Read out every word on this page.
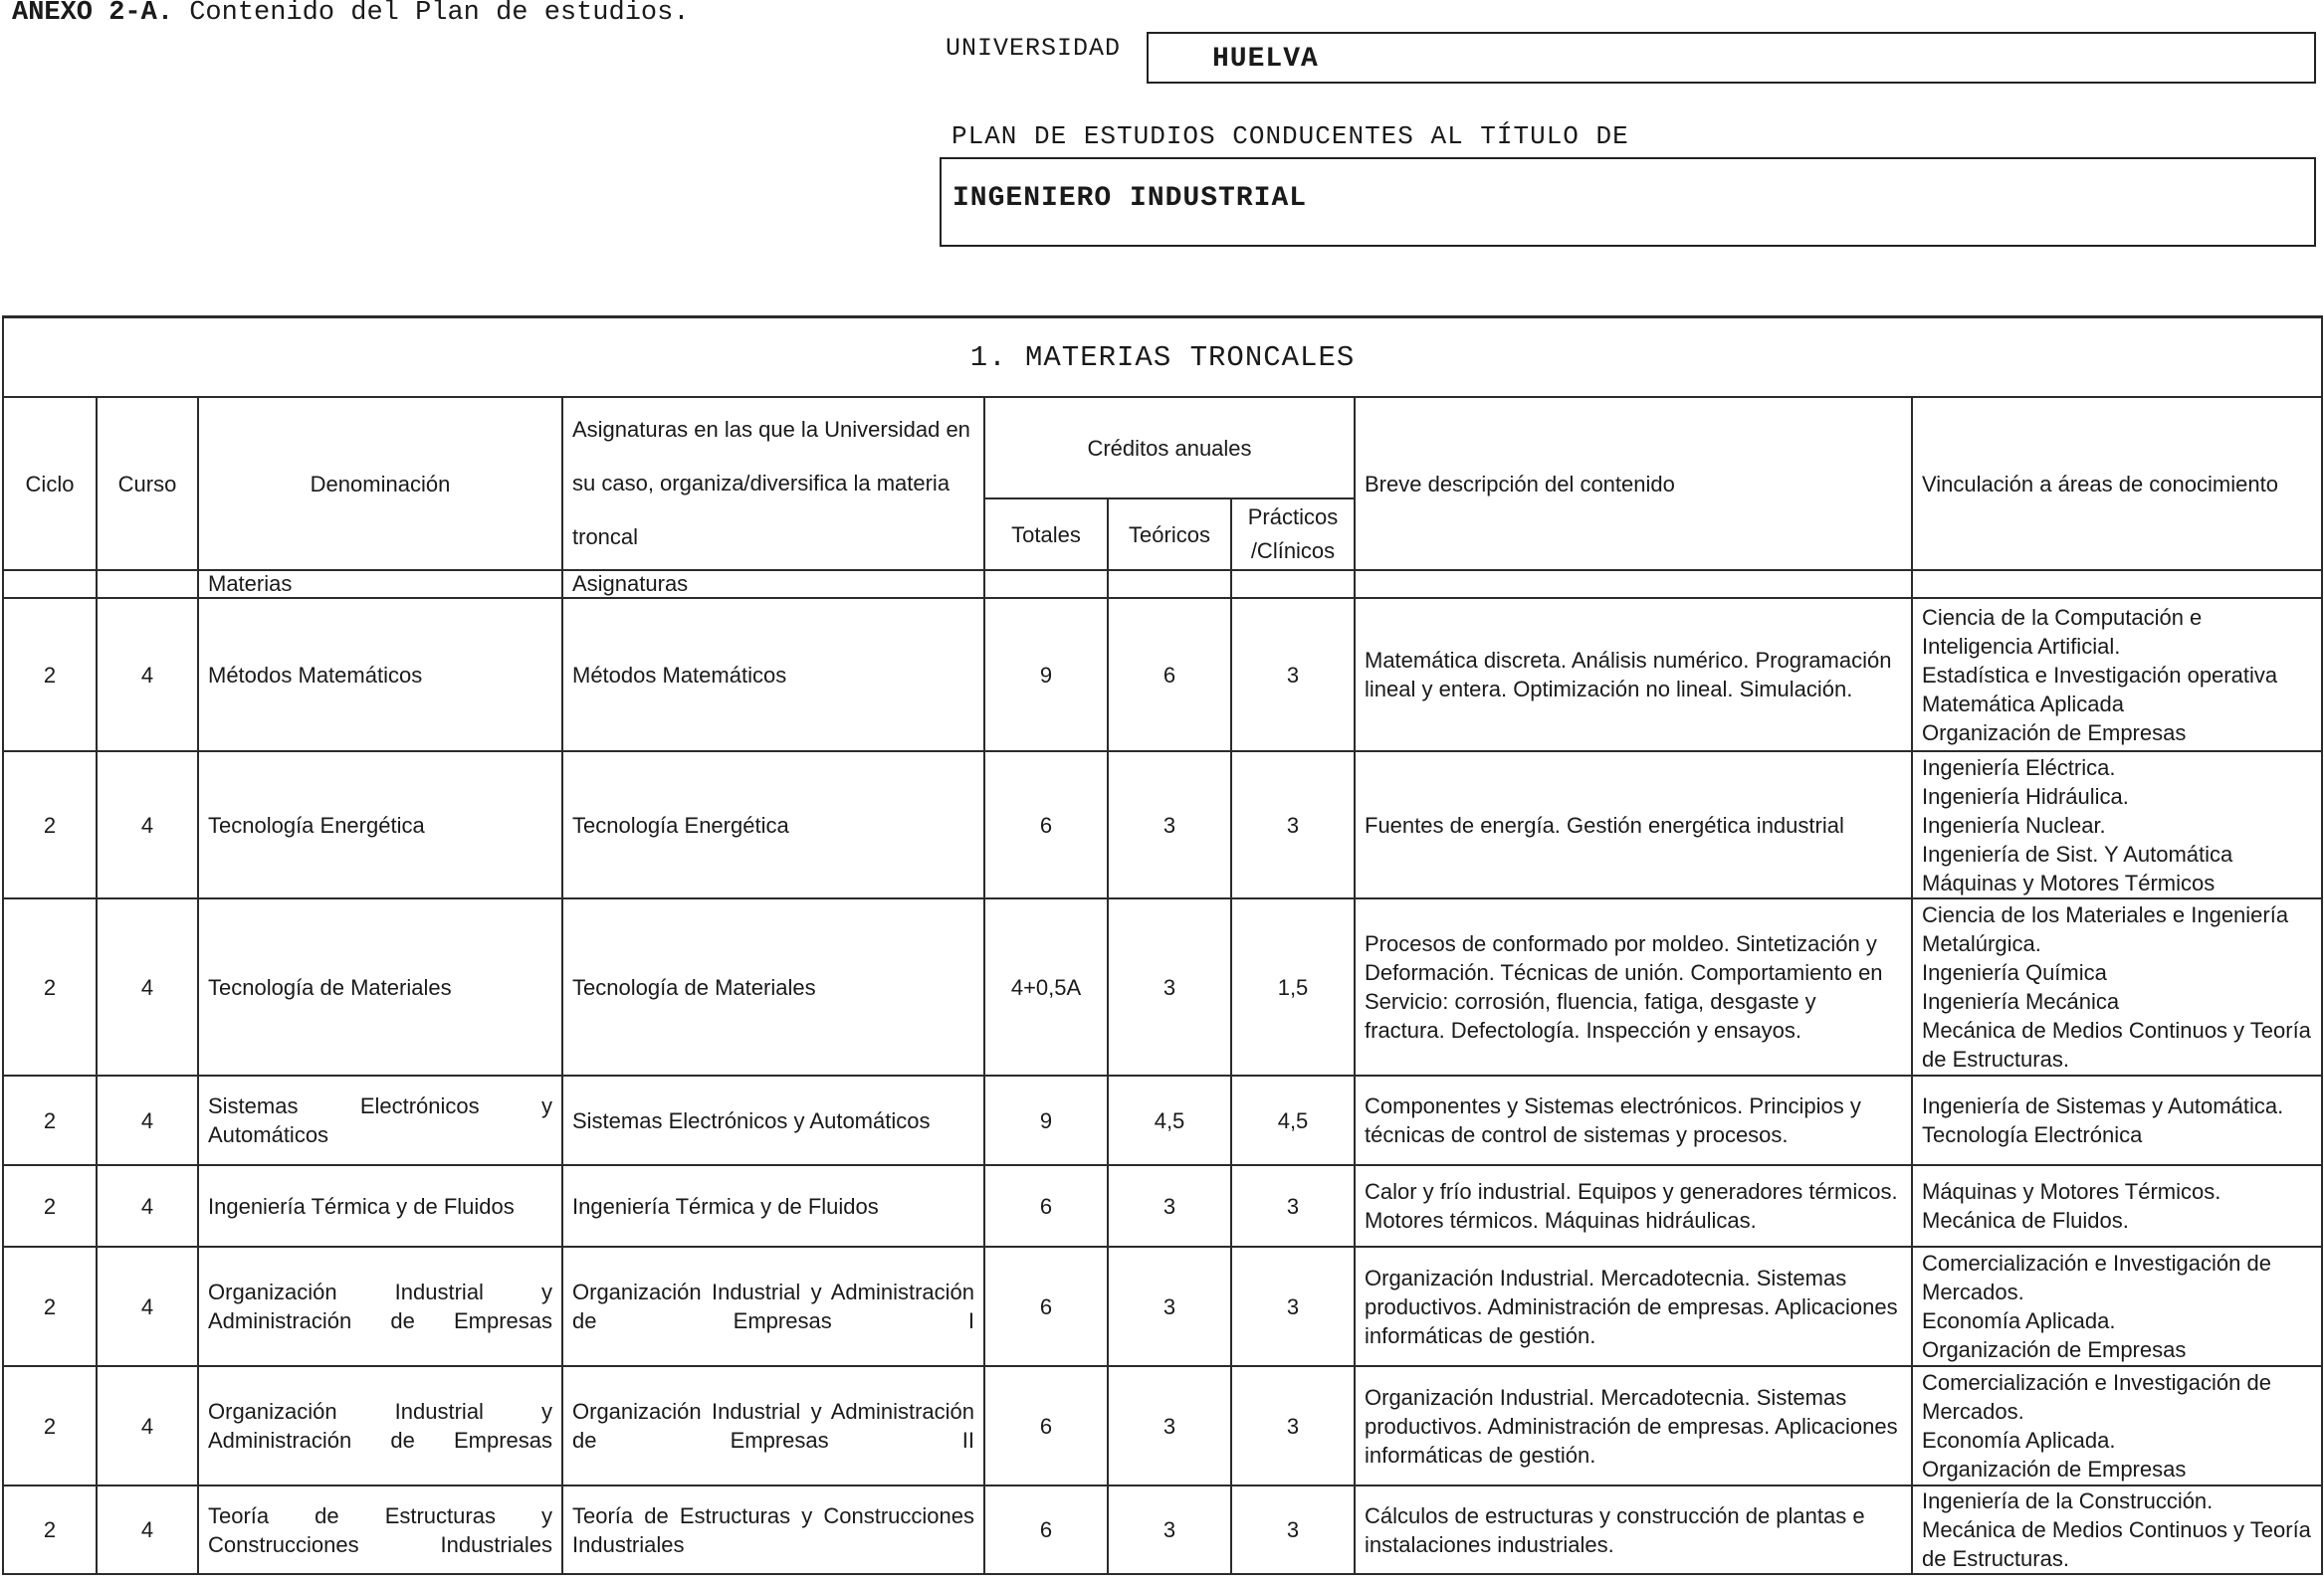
ANEXO 2-A. Contenido del Plan de estudios.
UNIVERSIDAD	HUELVA
PLAN DE ESTUDIOS CONDUCENTES AL TÍTULO DE
INGENIERO INDUSTRIAL
1. MATERIAS TRONCALES								
Ciclo	Curso	Denominación	Asignaturas en las que la Universidad en su caso, organiza/diversifica la materia troncal	Créditos anuales			Breve descripción del contenido	Vinculación a áreas de conocimiento
				Totales	Teóricos	Prácticos /Clínicos		
		Materias	Asignaturas					
2	4	Métodos Matemáticos	Métodos Matemáticos	9	6	3	Matemática discreta. Análisis numérico. Programación lineal y entera. Optimización no lineal. Simulación.	Ciencia de la Computación e Inteligencia Artificial.
Estadística e Investigación operativa
Matemática Aplicada
Organización de Empresas

2	4	Tecnología Energética	Tecnología Energética	6	3	3	Fuentes de energía. Gestión energética industrial	Ingeniería Eléctrica.
Ingeniería Hidráulica.
Ingeniería Nuclear.
Ingeniería de Sist. Y Automática
Máquinas y Motores Térmicos

2	4	Tecnología de Materiales	Tecnología de Materiales	4+0,5A	3	1,5	Procesos de conformado por moldeo. Sintetización y Deformación. Técnicas de unión. Comportamiento en Servicio: corrosión, fluencia, fatiga, desgaste y fractura. Defectología. Inspección y ensayos.	Ciencia de los Materiales e Ingeniería Metalúrgica.
Ingeniería Química
Ingeniería Mecánica
Mecánica de Medios Continuos y Teoría de Estructuras.

2	4	Sistemas Electrónicos y Automáticos	Sistemas Electrónicos y Automáticos	9	4,5	4,5	Componentes y Sistemas electrónicos. Principios y técnicas de control de sistemas y procesos.	Ingeniería de Sistemas y Automática.
Tecnología Electrónica

2	4	Ingeniería Térmica y de Fluidos	Ingeniería Térmica y de Fluidos	6	3	3	Calor y frío industrial. Equipos y generadores térmicos. Motores térmicos. Máquinas hidráulicas.	Máquinas y Motores Térmicos.
Mecánica de Fluidos.

2	4	Organización Industrial y Administración de Empresas	Organización Industrial y Administración de Empresas I	6	3	3	Organización Industrial. Mercadotecnia. Sistemas productivos. Administración de empresas. Aplicaciones informáticas de gestión.	Comercialización e Investigación de Mercados.
Economía Aplicada.
Organización de Empresas

2	4	Organización Industrial y Administración de Empresas	Organización Industrial y Administración de Empresas II	6	3	3	Organización Industrial. Mercadotecnia. Sistemas productivos. Administración de empresas. Aplicaciones informáticas de gestión.	Comercialización e Investigación de Mercados.
Economía Aplicada.
Organización de Empresas

2	4	Teoría de Estructuras y Construcciones Industriales	Teoría de Estructuras y Construcciones Industriales	6	3	3	Cálculos de estructuras y construcción de plantas e instalaciones industriales.	Ingeniería de la Construcción.
Mecánica de Medios Continuos y Teoría de Estructuras.
